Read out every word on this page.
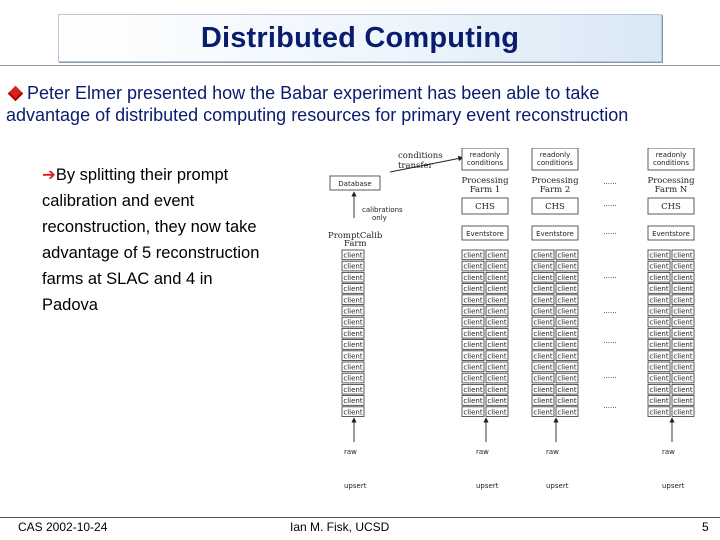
Distributed Computing
Peter Elmer presented how the Babar experiment has been able to take advantage of distributed computing resources for primary event reconstruction
➔By splitting their prompt calibration and event reconstruction, they now take advantage of 5 reconstruction farms at SLAC and 4 in Padova
conditions
transfer
Database
calibrations
only
PromptCalib
Farm
readonly
conditions
Processing
Farm 1
CHS
Eventstore
readonly
conditions
Processing
Farm 2
CHS
Eventstore
readonly
conditions
Processing
Farm N
CHS
Eventstore
......
......
......
......
......
......
......
......
client
client
client
client
client
client
client
client
client
client
client
client
client
client
client
client client
client client
client client
client client
client client
client client
client client
client client
client client
client client
client client
client client
client client
client client
client client
client client
client client
client client
client client
client client
client client
client client
client client
client client
client client
client client
client client
client client
client client
client client
client client
client client
client client
client client
client client
client client
client client
client client
client client
client client
client client
client client
client client
client client
client client
raw
upsert
raw
upsert
raw
upsert
raw
upsert
CAS 2002-10-24	Ian M. Fisk, UCSD	5
